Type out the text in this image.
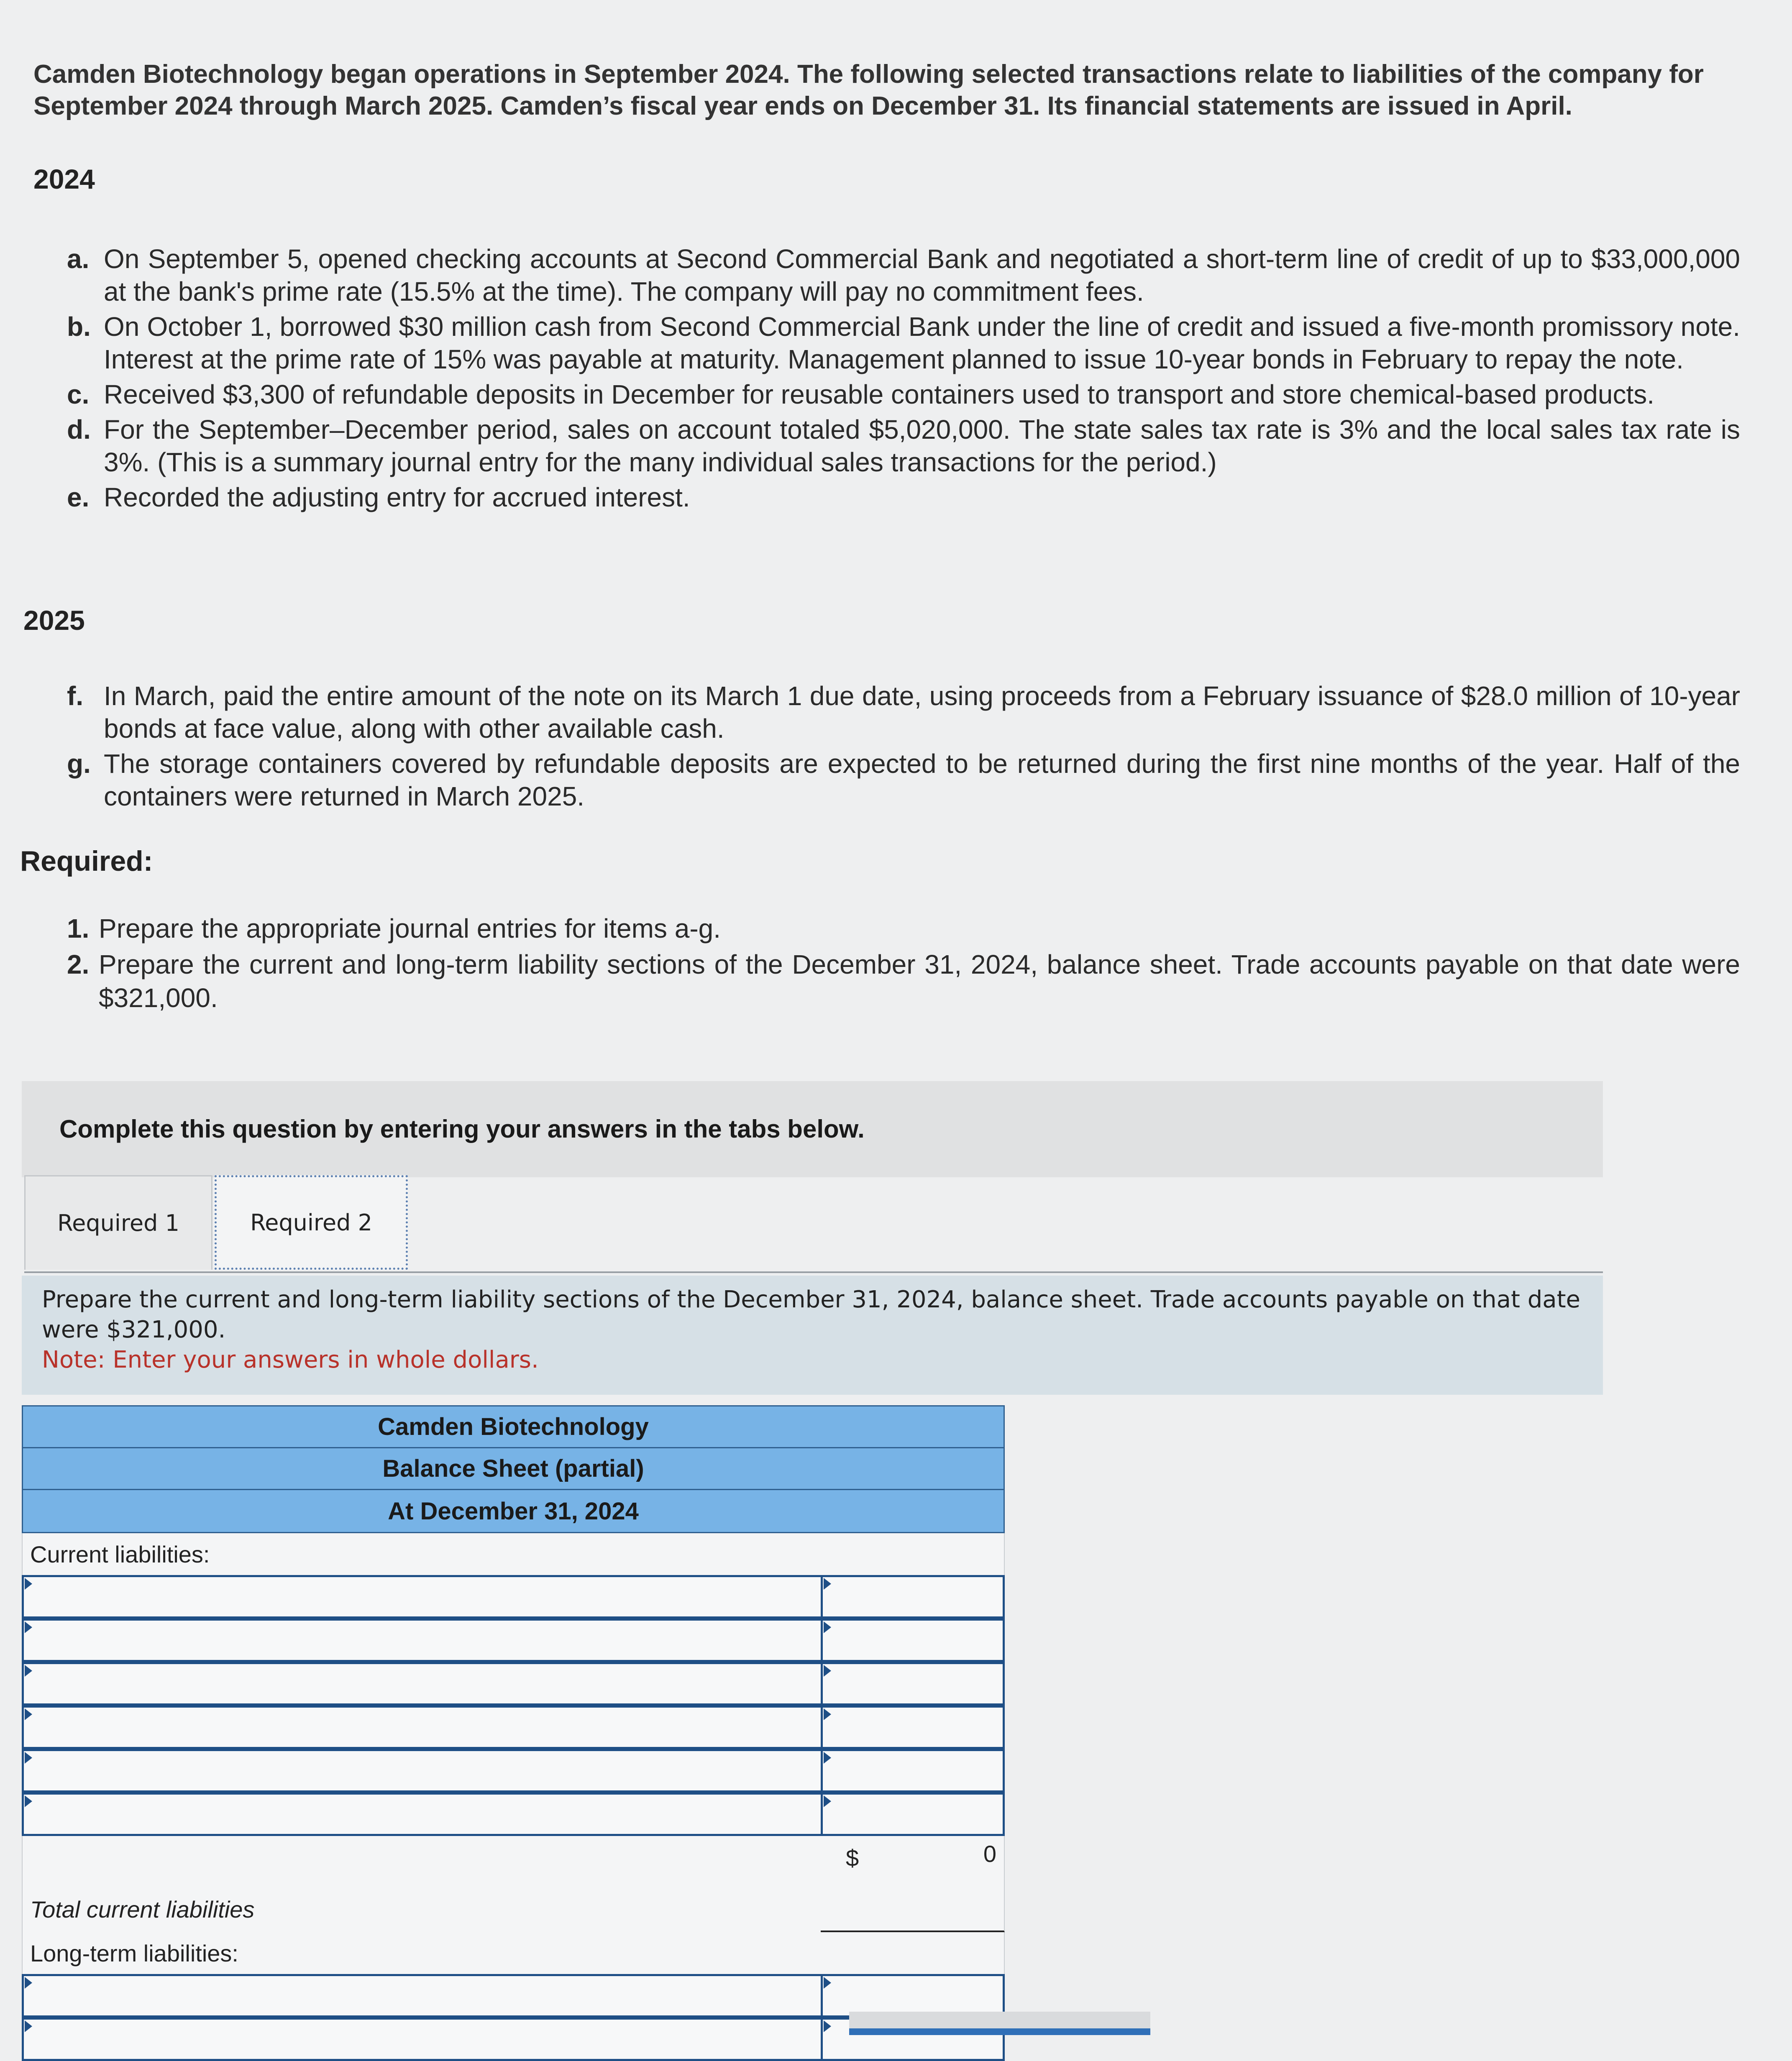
Camden Biotechnology began operations in September 2024. The following selected transactions relate to liabilities of the company for September 2024 through March 2025. Camden’s fiscal year ends on December 31. Its financial statements are issued in April.
2024
a. On September 5, opened checking accounts at Second Commercial Bank and negotiated a short-term line of credit of up to $33,000,000 at the bank's prime rate (15.5% at the time). The company will pay no commitment fees.
b. On October 1, borrowed $30 million cash from Second Commercial Bank under the line of credit and issued a five-month promissory note. Interest at the prime rate of 15% was payable at maturity. Management planned to issue 10-year bonds in February to repay the note.
c. Received $3,300 of refundable deposits in December for reusable containers used to transport and store chemical-based products.
d. For the September–December period, sales on account totaled $5,020,000. The state sales tax rate is 3% and the local sales tax rate is 3%. (This is a summary journal entry for the many individual sales transactions for the period.)
e. Recorded the adjusting entry for accrued interest.
2025
f. In March, paid the entire amount of the note on its March 1 due date, using proceeds from a February issuance of $28.0 million of 10-year bonds at face value, along with other available cash.
g. The storage containers covered by refundable deposits are expected to be returned during the first nine months of the year. Half of the containers were returned in March 2025.
Required:
1. Prepare the appropriate journal entries for items a-g.
2. Prepare the current and long-term liability sections of the December 31, 2024, balance sheet. Trade accounts payable on that date were $321,000.
Complete this question by entering your answers in the tabs below.
Required 1	Required 2
Prepare the current and long-term liability sections of the December 31, 2024, balance sheet. Trade accounts payable on that date were $321,000.
Note: Enter your answers in whole dollars.
Camden Biotechnology
Balance Sheet (partial)
At December 31, 2024
Current liabilities:
Total current liabilities
$	0
Long-term liabilities:
